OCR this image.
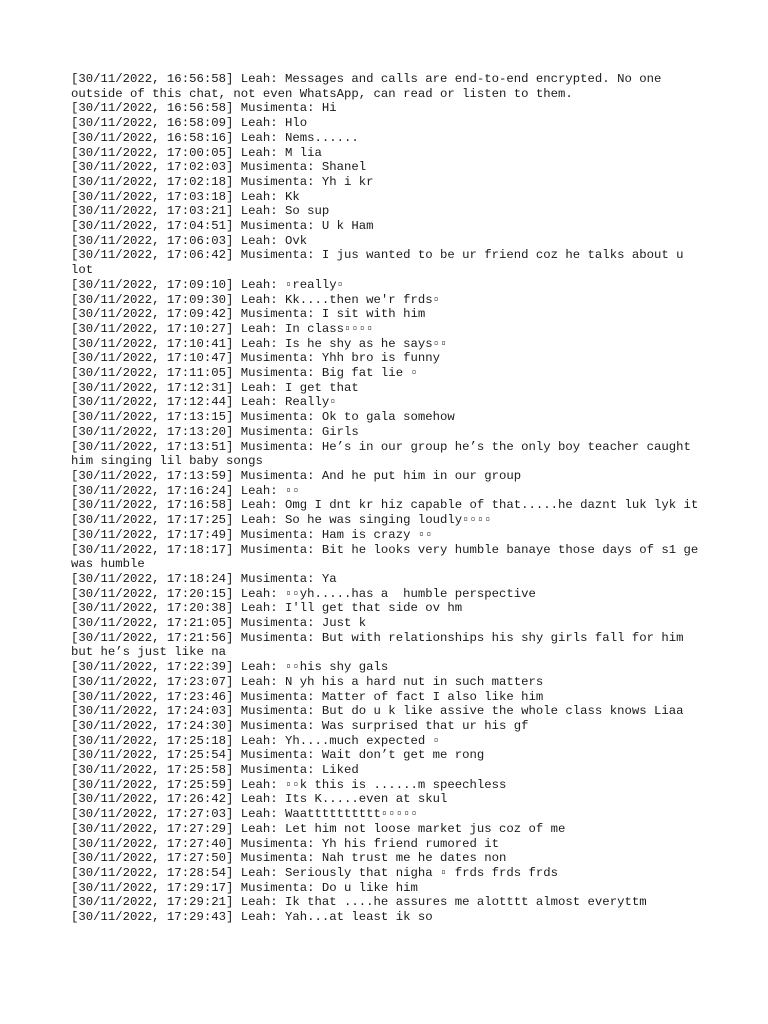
[30/11/2022, 16:56:58] Leah: Messages and calls are end-to-end encrypted. No one outside of this chat, not even WhatsApp, can read or listen to them.
[30/11/2022, 16:56:58] Musimenta: Hi
[30/11/2022, 16:58:09] Leah: Hlo
[30/11/2022, 16:58:16] Leah: Nems......
[30/11/2022, 17:00:05] Leah: M lia
[30/11/2022, 17:02:03] Musimenta: Shanel
[30/11/2022, 17:02:18] Musimenta: Yh i kr
[30/11/2022, 17:03:18] Leah: Kk
[30/11/2022, 17:03:21] Leah: So sup
[30/11/2022, 17:04:51] Musimenta: U k Ham
[30/11/2022, 17:06:03] Leah: Ovk
[30/11/2022, 17:06:42] Musimenta: I jus wanted to be ur friend coz he talks about u lot
[30/11/2022, 17:09:10] Leah: ▫really▫
[30/11/2022, 17:09:30] Leah: Kk....then we'r frds▫
[30/11/2022, 17:09:42] Musimenta: I sit with him
[30/11/2022, 17:10:27] Leah: In class▫▫▫▫
[30/11/2022, 17:10:41] Leah: Is he shy as he says▫▫
[30/11/2022, 17:10:47] Musimenta: Yhh bro is funny
[30/11/2022, 17:11:05] Musimenta: Big fat lie ▫
[30/11/2022, 17:12:31] Leah: I get that
[30/11/2022, 17:12:44] Leah: Really▫
[30/11/2022, 17:13:15] Musimenta: Ok to gala somehow
[30/11/2022, 17:13:20] Musimenta: Girls
[30/11/2022, 17:13:51] Musimenta: He’s in our group he’s the only boy teacher caught him singing lil baby songs
[30/11/2022, 17:13:59] Musimenta: And he put him in our group
[30/11/2022, 17:16:24] Leah: ▫▫
[30/11/2022, 17:16:58] Leah: Omg I dnt kr hiz capable of that.....he daznt luk lyk it
[30/11/2022, 17:17:25] Leah: So he was singing loudly▫▫▫▫
[30/11/2022, 17:17:49] Musimenta: Ham is crazy ▫▫
[30/11/2022, 17:18:17] Musimenta: Bit he looks very humble banaye those days of s1 ge was humble
[30/11/2022, 17:18:24] Musimenta: Ya
[30/11/2022, 17:20:15] Leah: ▫▫yh.....has a  humble perspective
[30/11/2022, 17:20:38] Leah: I'll get that side ov hm
[30/11/2022, 17:21:05] Musimenta: Just k
[30/11/2022, 17:21:56] Musimenta: But with relationships his shy girls fall for him but he’s just like na
[30/11/2022, 17:22:39] Leah: ▫▫his shy gals
[30/11/2022, 17:23:07] Leah: N yh his a hard nut in such matters
[30/11/2022, 17:23:46] Musimenta: Matter of fact I also like him
[30/11/2022, 17:24:03] Musimenta: But do u k like assive the whole class knows Liaa
[30/11/2022, 17:24:30] Musimenta: Was surprised that ur his gf
[30/11/2022, 17:25:18] Leah: Yh....much expected ▫
[30/11/2022, 17:25:54] Musimenta: Wait don’t get me rong
[30/11/2022, 17:25:58] Musimenta: Liked
[30/11/2022, 17:25:59] Leah: ▫▫k this is ......m speechless
[30/11/2022, 17:26:42] Leah: Its K.....even at skul
[30/11/2022, 17:27:03] Leah: Waatttttttttt▫▫▫▫▫
[30/11/2022, 17:27:29] Leah: Let him not loose market jus coz of me
[30/11/2022, 17:27:40] Musimenta: Yh his friend rumored it
[30/11/2022, 17:27:50] Musimenta: Nah trust me he dates non
[30/11/2022, 17:28:54] Leah: Seriously that nigha ▫ frds frds frds
[30/11/2022, 17:29:17] Musimenta: Do u like him
[30/11/2022, 17:29:21] Leah: Ik that ....he assures me alotttt almost everyttm
[30/11/2022, 17:29:43] Leah: Yah...at least ik so
